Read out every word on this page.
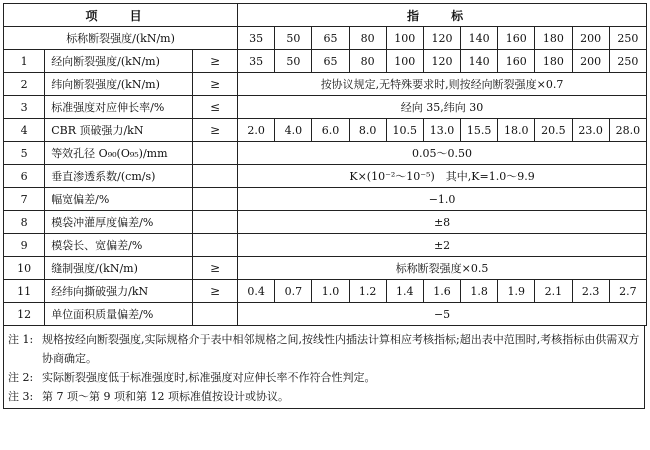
项 目			指 标										
标称断裂强度/(kN/m)			35	50	65	80	100	120	140	160	180	200	250
1	经向断裂强度/(kN/m)	≥	35	50	65	80	100	120	140	160	180	200	250
2	纬向断裂强度/(kN/m)	≥	按协议规定,无特殊要求时,则按经向断裂强度×0.7										
3	标准强度对应伸长率/%	≤	经向 35,纬向 30										
4	CBR 顶破强力/kN	≥	2.0	4.0	6.0	8.0	10.5	13.0	15.5	18.0	20.5	23.0	28.0
5	等效孔径 O₉₀(O₉₅)/mm		0.05～0.50										
6	垂直渗透系数/(cm/s)		K×(10⁻²～10⁻⁵)　其中,K=1.0～9.9										
7	幅宽偏差/%		−1.0										
8	模袋冲灌厚度偏差/%		±8										
9	模袋长、宽偏差/%		±2										
10	缝制强度/(kN/m)	≥	标称断裂强度×0.5										
11	经纬向撕破强力/kN	≥	0.4	0.7	1.0	1.2	1.4	1.6	1.8	1.9	2.1	2.3	2.7
12	单位面积质量偏差/%		−5										
注 1: 规格按经向断裂强度,实际规格介于表中相邻规格之间,按线性内插法计算相应考核指标;超出表中范围时,考核指标由供需双方协商确定。
注 2: 实际断裂强度低于标准强度时,标准强度对应伸长率不作符合性判定。
注 3: 第 7 项～第 9 项和第 12 项标准值按设计或协议。
